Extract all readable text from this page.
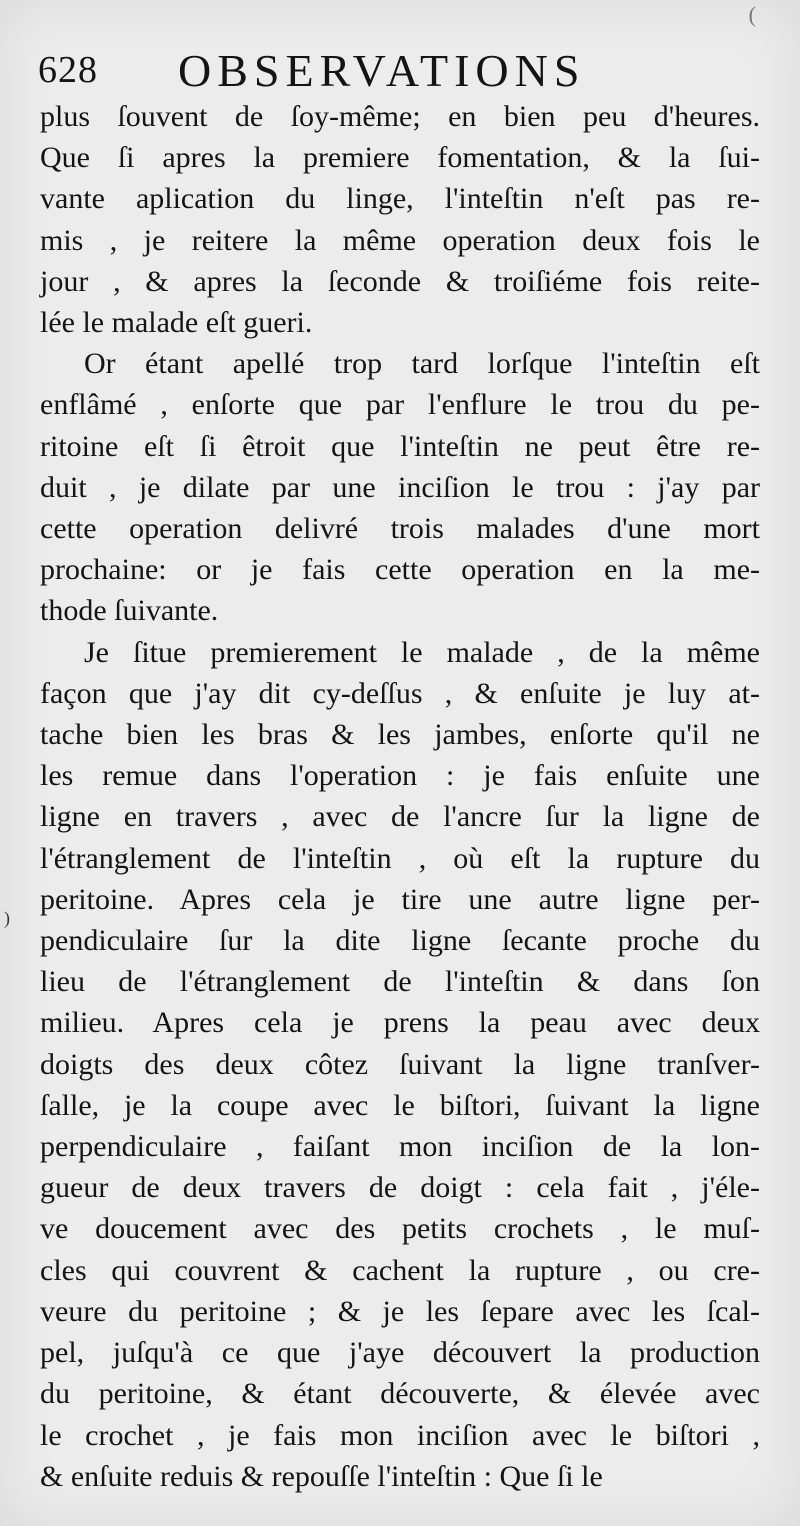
(
628 OBSERVATIONS
)
plus ſouvent de ſoy-même; en bien peu d'heures.
Que ſi apres la premiere fomentation, & la ſui-
vante aplication du linge, l'inteſtin n'eſt pas re-
mis , je reitere la même operation deux fois le
jour , & apres la ſeconde & troiſiéme fois reite-
lée le malade eſt gueri.
Or étant apellé trop tard lorſque l'inteſtin eſt
enflâmé , enſorte que par l'enflure le trou du pe-
ritoine eſt ſi êtroit que l'inteſtin ne peut être re-
duit , je dilate par une inciſion le trou : j'ay par
cette operation delivré trois malades d'une mort
prochaine: or je fais cette operation en la me-
thode ſuivante.
Je ſitue premierement le malade , de la même
façon que j'ay dit cy-deſſus , & enſuite je luy at-
tache bien les bras & les jambes, enſorte qu'il ne
les remue dans l'operation : je fais enſuite une
ligne en travers , avec de l'ancre ſur la ligne de
l'étranglement de l'inteſtin , où eſt la rupture du
peritoine. Apres cela je tire une autre ligne per-
pendiculaire ſur la dite ligne ſecante proche du
lieu de l'étranglement de l'inteſtin & dans ſon
milieu. Apres cela je prens la peau avec deux
doigts des deux côtez ſuivant la ligne tranſver-
ſalle, je la coupe avec le biſtori, ſuivant la ligne
perpendiculaire , faiſant mon inciſion de la lon-
gueur de deux travers de doigt : cela fait , j'éle-
ve doucement avec des petits crochets , le muſ-
cles qui couvrent & cachent la rupture , ou cre-
veure du peritoine ; & je les ſepare avec les ſcal-
pel, juſqu'à ce que j'aye découvert la production
du peritoine, & étant découverte, & élevée avec
le crochet , je fais mon inciſion avec le biſtori ,
& enſuite reduis & repouſſe l'inteſtin : Que ſi le
